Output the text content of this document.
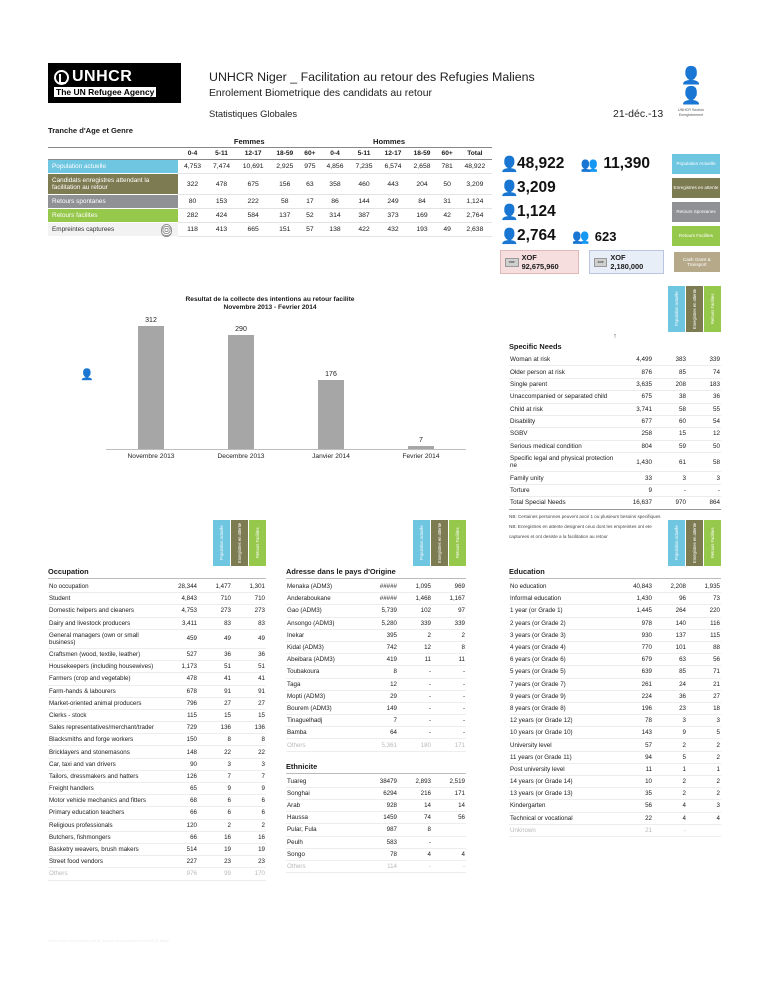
UNHCR
The UN Refugee Agency
UNHCR Niger _ Facilitation au retour des Refugies Maliens
Enrolement Biometrique des candidats au retour
Statistiques Globales	21-déc.-13
👤👤
UNHCR Section Enregistrement
Tranche d'Age et Genre
	Femmes					Hommes					
	0-4	5-11	12-17	18-59	60+	0-4	5-11	12-17	18-59	60+	Total
Population actuelle	4,753	7,474	10,691	2,925	975	4,856	7,235	6,574	2,658	781	48,922
Candidats enregistres attendant la facilitation au retour	322	478	675	156	63	358	460	443	204	50	3,209
Retours spontanes	80	153	222	58	17	86	144	249	84	31	1,124
Retours facilites	282	424	584	137	52	314	387	373	169	42	2,764
Empreintes capturees	118	413	665	151	57	138	422	432	193	49	2,638
👤
48,922	👥 11,390	Population Actuelle
👤
3,209	Enregistres en attente
👤
1,124	Retours Spontanes
👤
2,764	👥 623	Retours Facilites
XOF XOF 92,675,960	XOF XOF 2,180,000
Cash Grant & Transport
Resultat de la collecte des intentions au retour facilite
Novembre 2013 - Fevrier 2014
👤
312
290
176
7
Novembre 2013	Decembre 2013	Janvier 2014	Fevrier 2014
Population actuelle	Enregistres en attente	Retours Facilites
↑
Specific Needs
Woman at risk	4,499	383	339
Older person at risk	876	85	74
Single parent	3,635	208	183
Unaccompanied or separated child	675	38	36
Child at risk	3,741	58	55
Disability	677	60	54
SGBV	258	15	12
Serious medical condition	804	59	50
Specific legal and physical protection ne	1,430	61	58
Family unity	33	3	3
Torture	9	-	-
Total Special Needs	16,637	970	864
NB: Certaines personnes peuvent avoir 1 ou plusieurs besoins specifiques
NB: Enregistres en attente designent ceux dont les empreintes ont ete
capturees et ont desiste a la facilitation au retour
Population actuelle	Enregistres en attente	Retours Facilites
Occupation
No occupation	28,344	1,477	1,301
Student	4,843	710	710
Domestic helpers and cleaners	4,753	273	273
Dairy and livestock producers	3,411	83	83
General managers (own or small business)	459	49	49
Craftsmen (wood, textile, leather)	527	36	36
Housekeepers (including housewives)	1,173	51	51
Farmers (crop and vegetable)	478	41	41
Farm-hands & labourers	678	91	91
Market-oriented animal producers	796	27	27
Clerks - stock	115	15	15
Sales representatives/merchant/trader	729	136	136
Blacksmiths and forge workers	150	8	8
Bricklayers and stonemasons	148	22	22
Car, taxi and van drivers	90	3	3
Tailors, dressmakers and hatters	126	7	7
Freight handlers	65	9	9
Motor vehicle mechanics and fitters	68	6	6
Primary education teachers	66	6	6
Religious professionals	120	2	2
Butchers, fishmongers	66	16	16
Basketry weavers, brush makers	514	19	19
Street food vendors	227	23	23
Others	976	99	170
Population actuelle	Enregistres en attente	Retours Facilites
Adresse dans le pays d'Origine
Menaka (ADM3)	#####	1,095	969
Anderaboukane	#####	1,468	1,167
Gao (ADM3)	5,739	102	97
Ansongo (ADM3)	5,280	339	339
Inekar	395	2	2
Kidal (ADM3)	742	12	8
Abeibara (ADM3)	419	11	11
Toubakoura	8	-	-
Taga	12	-	-
Mopti (ADM3)	29	-	-
Bourem (ADM3)	149	-	-
Tinaguelhadj	7	-	-
Bamba	64	-	-
Others	5,361	180	171
Ethnicite
Tuareg	38479	2,893	2,519
Songhai	6294	216	171
Arab	928	14	14
Haussa	1459	74	56
Pular, Fula	987	8	
Peulh	583	-	
Songo	78	4	4
Others	114	-	-
Population actuelle	Enregistres en attente	Retours Facilites
Education
No education	40,843	2,208	1,935
Informal education	1,430	96	73
1 year (or Grade 1)	1,445	264	220
2 years (or Grade 2)	978	140	116
3 years (or Grade 3)	930	137	115
4 years (or Grade 4)	770	101	88
6 years (or Grade 6)	679	63	56
5 years (or Grade 5)	639	85	71
7 years (or Grade 7)	261	24	21
9 years (or Grade 9)	224	36	27
8 years (or Grade 8)	196	23	18
12 years (or Grade 12)	78	3	3
10 years (or Grade 10)	143	9	5
University level	57	2	2
11 years (or Grade 11)	94	5	2
Post university level	11	1	1
14 years (or Grade 14)	10	2	2
13 years (or Grade 13)	35	2	2
Kindergarten	56	4	3
Technical or vocational	22	4	4
Unknown	21	-	
Cette fiche est produite par la Section Enregistrement UNHCR Niger
